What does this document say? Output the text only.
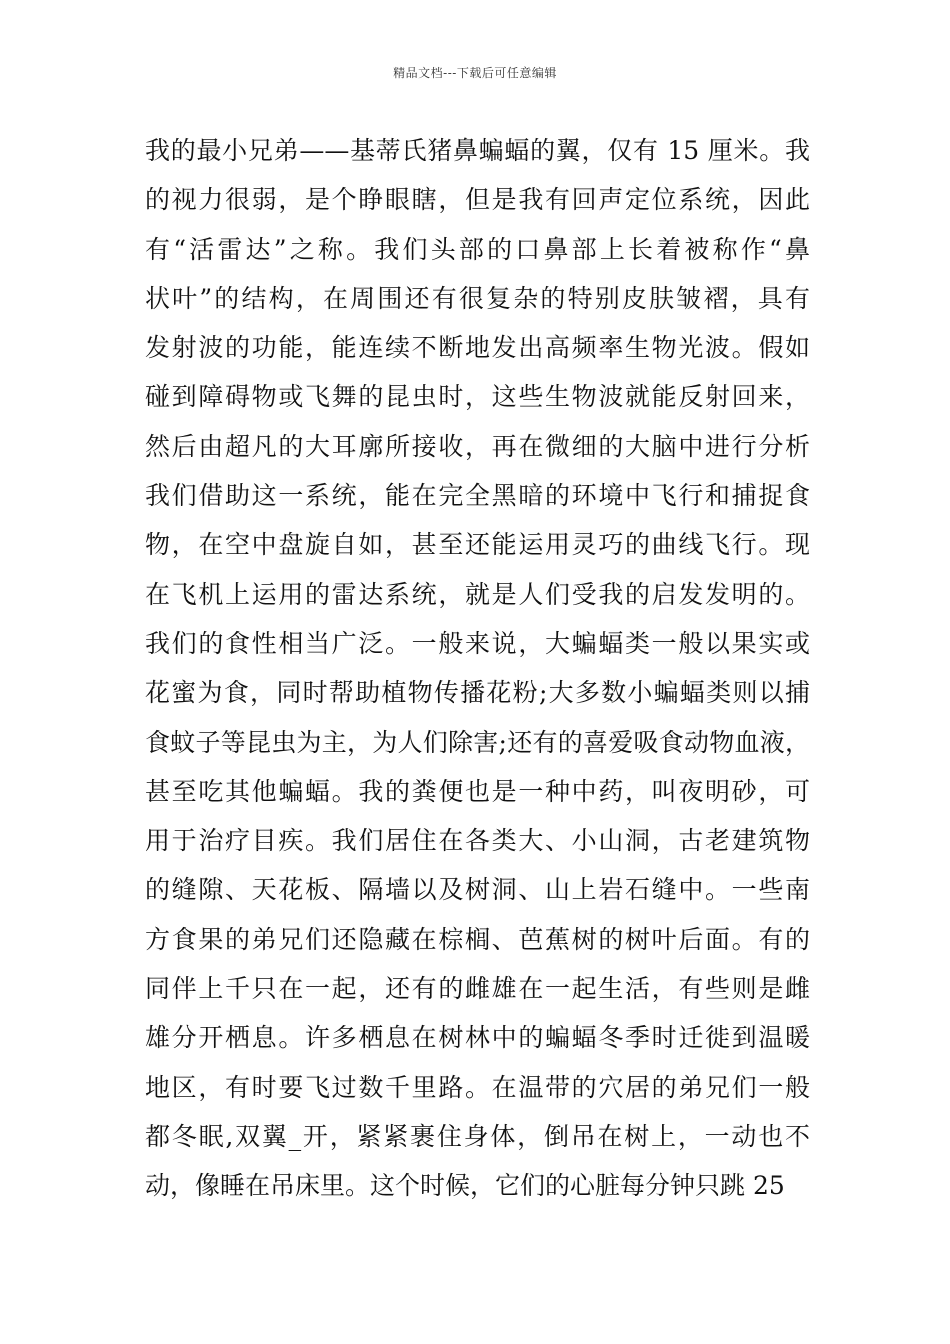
精品文档---下载后可任意编辑
我的最小兄弟——基蒂氏猪鼻蝙蝠的翼，仅有 15 厘米。我
的视力很弱，是个睁眼瞎，但是我有回声定位系统，因此
有“活雷达”之称。我们头部的口鼻部上长着被称作“鼻
状叶”的结构，在周围还有很复杂的特别皮肤皱褶，具有
发射波的功能，能连续不断地发出高频率生物光波。假如
碰到障碍物或飞舞的昆虫时，这些生物波就能反射回来，
然后由超凡的大耳廓所接收，再在微细的大脑中进行分析
我们借助这一系统，能在完全黑暗的环境中飞行和捕捉食
物，在空中盘旋自如，甚至还能运用灵巧的曲线飞行。现
在飞机上运用的雷达系统，就是人们受我的启发发明的。
我们的食性相当广泛。一般来说，大蝙蝠类一般以果实或
花蜜为食，同时帮助植物传播花粉;大多数小蝙蝠类则以捕
食蚊子等昆虫为主，为人们除害;还有的喜爱吸食动物血液，
甚至吃其他蝙蝠。我的粪便也是一种中药，叫夜明砂，可
用于治疗目疾。我们居住在各类大、小山洞，古老建筑物
的缝隙、天花板、隔墙以及树洞、山上岩石缝中。一些南
方食果的弟兄们还隐藏在棕榈、芭蕉树的树叶后面。有的
同伴上千只在一起，还有的雌雄在一起生活，有些则是雌
雄分开栖息。许多栖息在树林中的蝙蝠冬季时迁徙到温暖
地区，有时要飞过数千里路。在温带的穴居的弟兄们一般
都冬眠,双翼_开，紧紧裹住身体，倒吊在树上，一动也不
动，像睡在吊床里。这个时候，它们的心脏每分钟只跳 25
